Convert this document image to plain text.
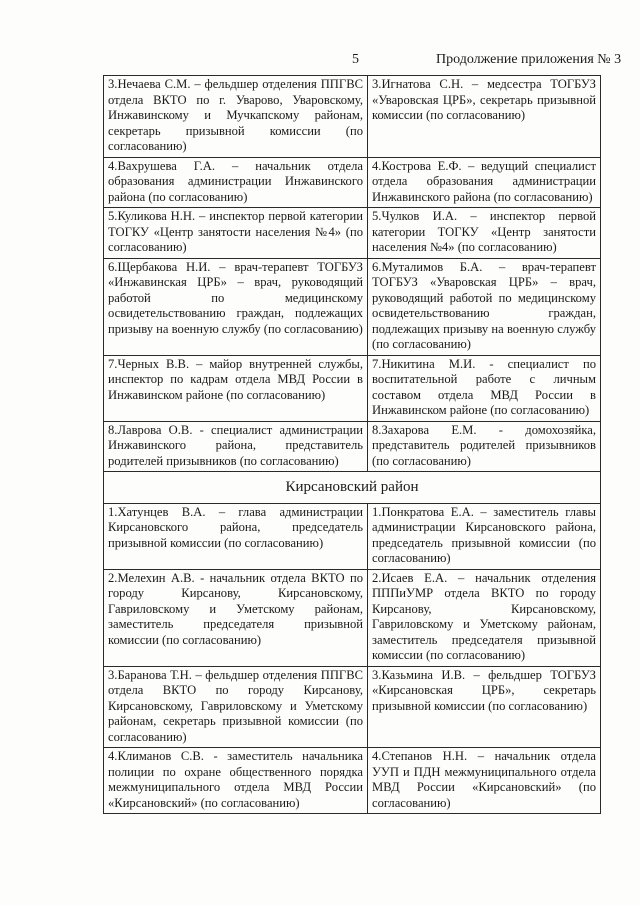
5	Продолжение приложения № 3
3.Нечаева С.М. – фельдшер отделения ППГВС отдела ВКТО по г. Уварово, Уваровскому, Инжавинскому и Мучкапскому районам, секретарь призывной комиссии (по согласованию)	3.Игнатова С.Н. – медсестра ТОГБУЗ «Уваровская ЦРБ», секретарь призывной комиссии (по согласованию)
4.Вахрушева Г.А. – начальник отдела образования администрации Инжавинского района (по согласованию)	4.Кострова Е.Ф. – ведущий специалист отдела образования администрации Инжавинского района (по согласованию)
5.Куликова Н.Н. – инспектор первой категории ТОГКУ «Центр занятости населения №4» (по согласованию)	5.Чулков И.А. – инспектор первой категории ТОГКУ «Центр занятости населения №4» (по согласованию)
6.Щербакова Н.И. – врач-терапевт ТОГБУЗ «Инжавинская ЦРБ» – врач, руководящий работой по медицинскому освидетельствованию граждан, подлежащих призыву на военную службу (по согласованию)	6.Муталимов Б.А. – врач-терапевт ТОГБУЗ «Уваровская ЦРБ» – врач, руководящий работой по медицинскому освидетельствованию граждан, подлежащих призыву на военную службу (по согласованию)
7.Черных В.В. – майор внутренней службы, инспектор по кадрам отдела МВД России в Инжавинском районе (по согласованию)	7.Никитина М.И. - специалист по воспитательной работе с личным составом отдела МВД России в Инжавинском районе (по согласованию)
8.Лаврова О.В. - специалист администрации Инжавинского района, представитель родителей призывников (по согласованию)	8.Захарова Е.М. - домохозяйка, представитель родителей призывников (по согласованию)
Кирсановский район	
1.Хатунцев В.А. – глава администрации Кирсановского района, председатель призывной комиссии (по согласованию)	1.Понкратова Е.А. – заместитель главы администрации Кирсановского района, председатель призывной комиссии (по согласованию)
2.Мелехин А.В. - начальник отдела ВКТО по городу Кирсанову, Кирсановскому, Гавриловскому и Уметскому районам, заместитель председателя призывной комиссии (по согласованию)	2.Исаев Е.А. – начальник отделения ПППиУМР отдела ВКТО по городу Кирсанову, Кирсановскому, Гавриловскому и Уметскому районам, заместитель председателя призывной комиссии (по согласованию)
3.Баранова Т.Н. – фельдшер отделения ППГВС отдела ВКТО по городу Кирсанову, Кирсановскому, Гавриловскому и Уметскому районам, секретарь призывной комиссии (по согласованию)	3.Казьмина И.В. – фельдшер ТОГБУЗ «Кирсановская ЦРБ», секретарь призывной комиссии (по согласованию)
4.Климанов С.В. - заместитель начальника полиции по охране общественного порядка межмуниципального отдела МВД России «Кирсановский» (по согласованию)	4.Степанов Н.Н. – начальник отдела УУП и ПДН межмуниципального отдела МВД России «Кирсановский» (по согласованию)
